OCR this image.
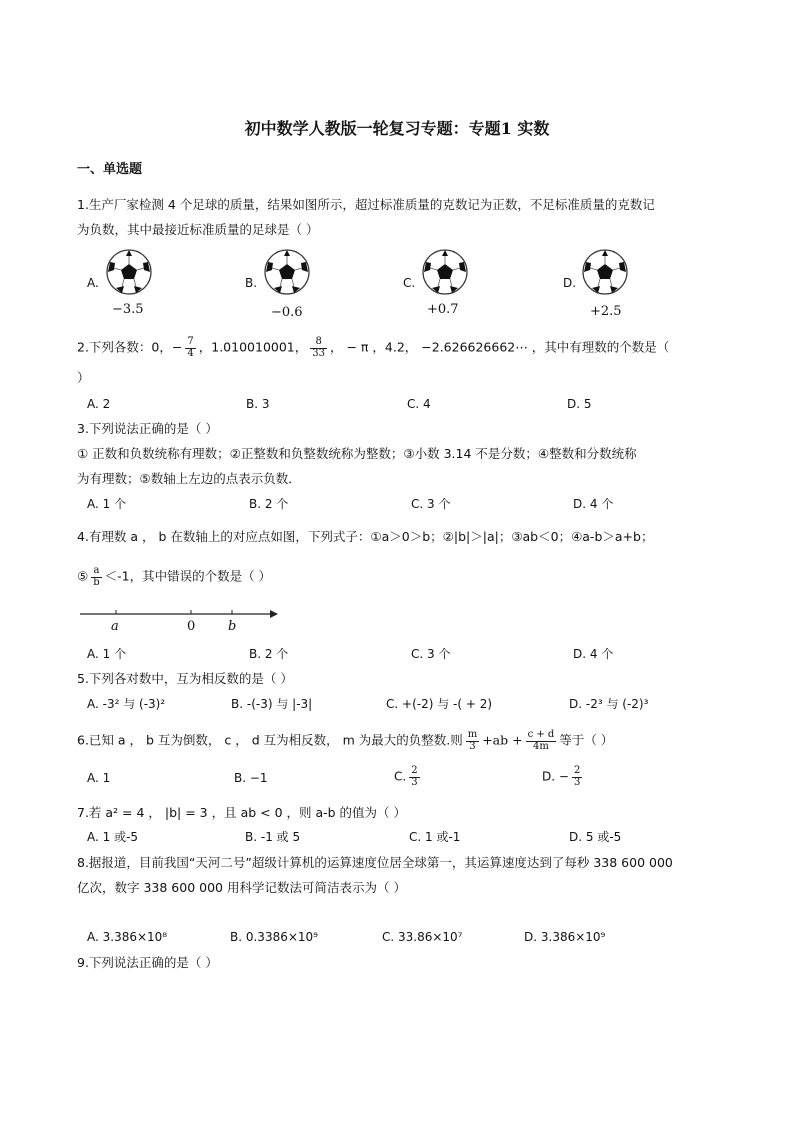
初中数学人教版一轮复习专题：专题1 实数
一、单选题
1.生产厂家检测 4 个足球的质量，结果如图所示，超过标准质量的克数记为正数，不足标准质量的克数记
为负数，其中最接近标准质量的足球是（ ）
A.
−3.5
B.
−0.6
C.
+0.7
D.
+2.5
2.下列各数：0，− $\frac{7}{4}$ ，1.010010001， $\frac{8}{33}$ ， − π ，4.2， −2.626626662⋯ ，其中有理数的个数是（
）
A. 2	B. 3	C. 4	D. 5
3.下列说法正确的是（ ）
① 正数和负数统称有理数；②正整数和负整数统称为整数；③小数 3.14 不是分数；④整数和分数统称
为有理数；⑤数轴上左边的点表示负数．
A. 1 个	B. 2 个	C. 3 个	D. 4 个
4.有理数 a ， b 在数轴上的对应点如图，下列式子：①a＞0＞b；②|b|＞|a|；③ab＜0；④a-b＞a+b；
⑤ $\frac{a}{b} <-1$，其中错误的个数是（ ）
a	0	b
A. 1 个	B. 2 个	C. 3 个	D. 4 个
5.下列各对数中，互为相反数的是（ ）
A. -3² 与 (-3)²	B. -(-3) 与 |-3|	C. +(-2) 与 -( + 2)	D. -2³ 与 (-2)³
6.已知 a ， b 互为倒数， c ， d 互为相反数， m 为最大的负整数.则 $\frac{m}{3} +ab + \frac{c + d}{4m}$ 等于（ ）
A. 1	B. −1	C. $\frac{2}{3}$	D. − $\frac{2}{3}$
7.若 a² = 4 ， |b| = 3 ，且 ab < 0 ，则 a-b 的值为（ ）
A. 1 或-5	B. -1 或 5	C. 1 或-1	D. 5 或-5
8.据报道，目前我国“天河二号”超级计算机的运算速度位居全球第一，其运算速度达到了每秒 338 600 000
亿次，数字 338 600 000 用科学记数法可简洁表示为（ ）
A. 3.386×10⁸	B. 0.3386×10⁹	C. 33.86×10⁷	D. 3.386×10⁹
9.下列说法正确的是（ ）
